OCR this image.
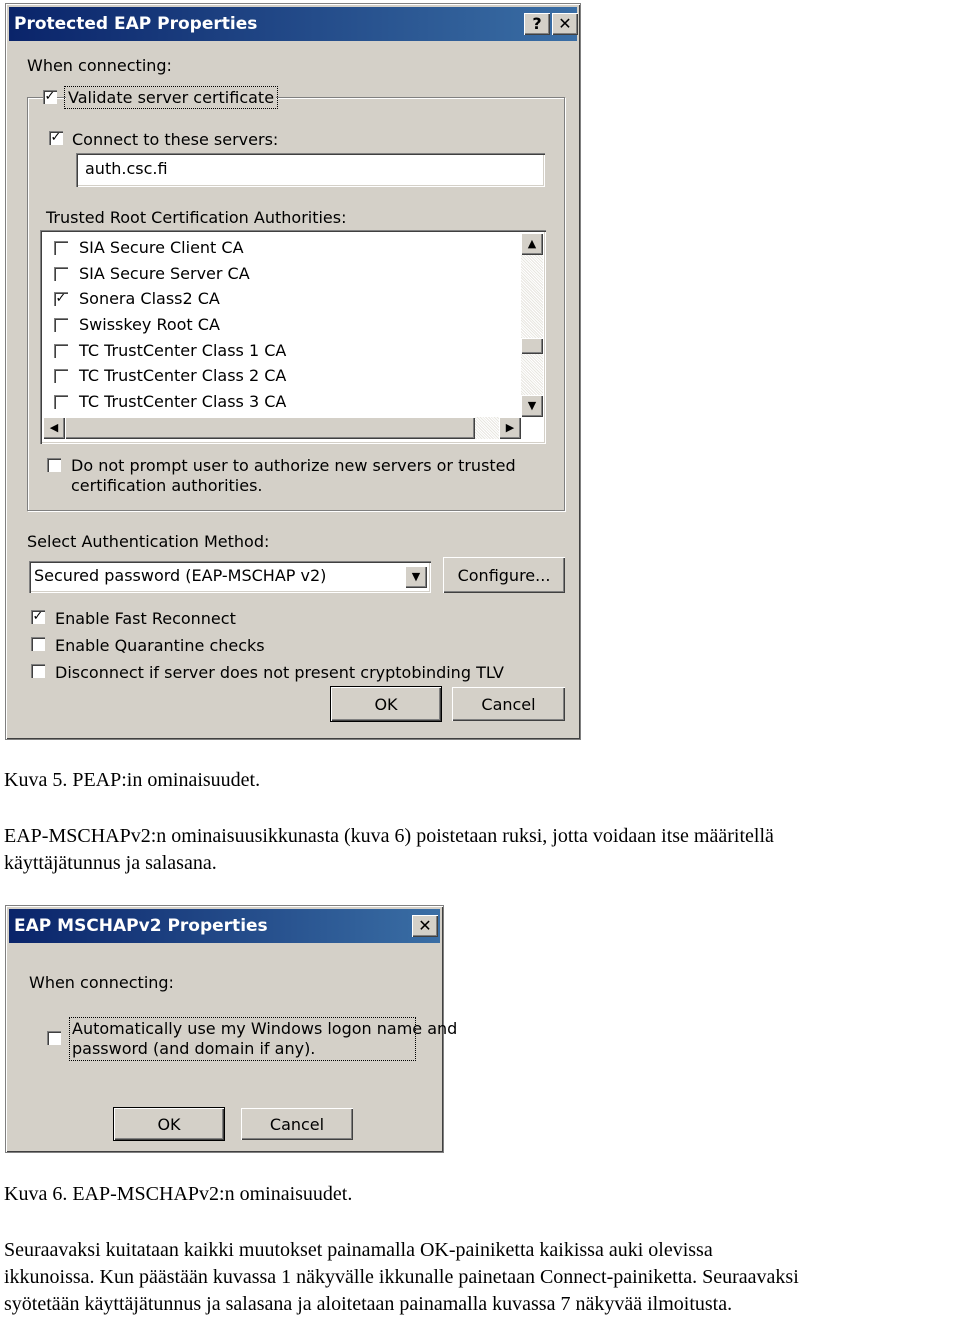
Protected EAP Properties	?	✕
When connecting:
✓ Validate server certificate
✓ Connect to these servers:
auth.csc.fi
Trusted Root Certification Authorities:
SIA Secure Client CA
SIA Secure Server CA
✓ Sonera Class2 CA
Swisskey Root CA
TC TrustCenter Class 1 CA
TC TrustCenter Class 2 CA
TC TrustCenter Class 3 CA
▲
▼
◀	▶
Do not prompt user to authorize new servers or trusted
certification authorities.
Select Authentication Method:
Secured password (EAP-MSCHAP v2)	▼	Configure...
✓ Enable Fast Reconnect
Enable Quarantine checks
Disconnect if server does not present cryptobinding TLV
OK	Cancel

Kuva 5. PEAP:in ominaisuudet.

EAP-MSCHAPv2:n ominaisuusikkunasta (kuva 6) poistetaan ruksi, jotta voidaan itse määritellä

käyttäjätunnus ja salasana.

EAP MSCHAPv2 Properties	✕
When connecting:
Automatically use my Windows logon name and
password (and domain if any).
OK	Cancel

Kuva 6. EAP-MSCHAPv2:n ominaisuudet.

Seuraavaksi kuitataan kaikki muutokset painamalla OK-painiketta kaikissa auki olevissa

ikkunoissa. Kun päästään kuvassa 1 näkyvälle ikkunalle painetaan Connect-painiketta. Seuraavaksi

syötetään käyttäjätunnus ja salasana ja aloitetaan painamalla kuvassa 7 näkyvää ilmoitusta.
